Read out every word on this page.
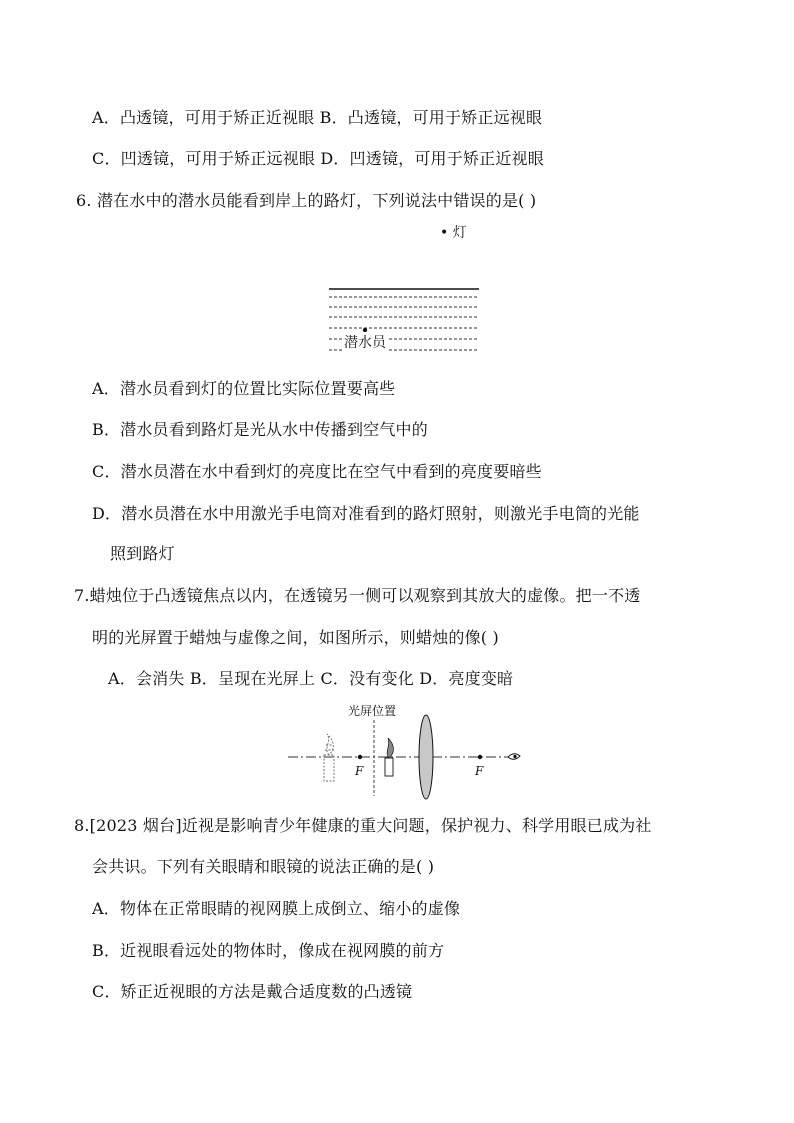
A．凸透镜，可用于矫正近视眼 B．凸透镜，可用于矫正远视眼
C．凹透镜，可用于矫正远视眼 D．凹透镜，可用于矫正近视眼
6. 潜在水中的潜水员能看到岸上的路灯，下列说法中错误的是( )
• 灯
潜水员
A．潜水员看到灯的位置比实际位置要高些
B．潜水员看到路灯是光从水中传播到空气中的
C．潜水员潜在水中看到灯的亮度比在空气中看到的亮度要暗些
D．潜水员潜在水中用激光手电筒对准看到的路灯照射，则激光手电筒的光能
照到路灯
7.蜡烛位于凸透镜焦点以内，在透镜另一侧可以观察到其放大的虚像。把一不透
明的光屏置于蜡烛与虚像之间，如图所示，则蜡烛的像( )
A．会消失 B．呈现在光屏上 C．没有变化 D．亮度变暗
光屏位置
F	F
8.[2023 烟台]近视是影响青少年健康的重大问题，保护视力、科学用眼已成为社
会共识。下列有关眼睛和眼镜的说法正确的是( )
A．物体在正常眼睛的视网膜上成倒立、缩小的虚像
B．近视眼看远处的物体时，像成在视网膜的前方
C．矫正近视眼的方法是戴合适度数的凸透镜
